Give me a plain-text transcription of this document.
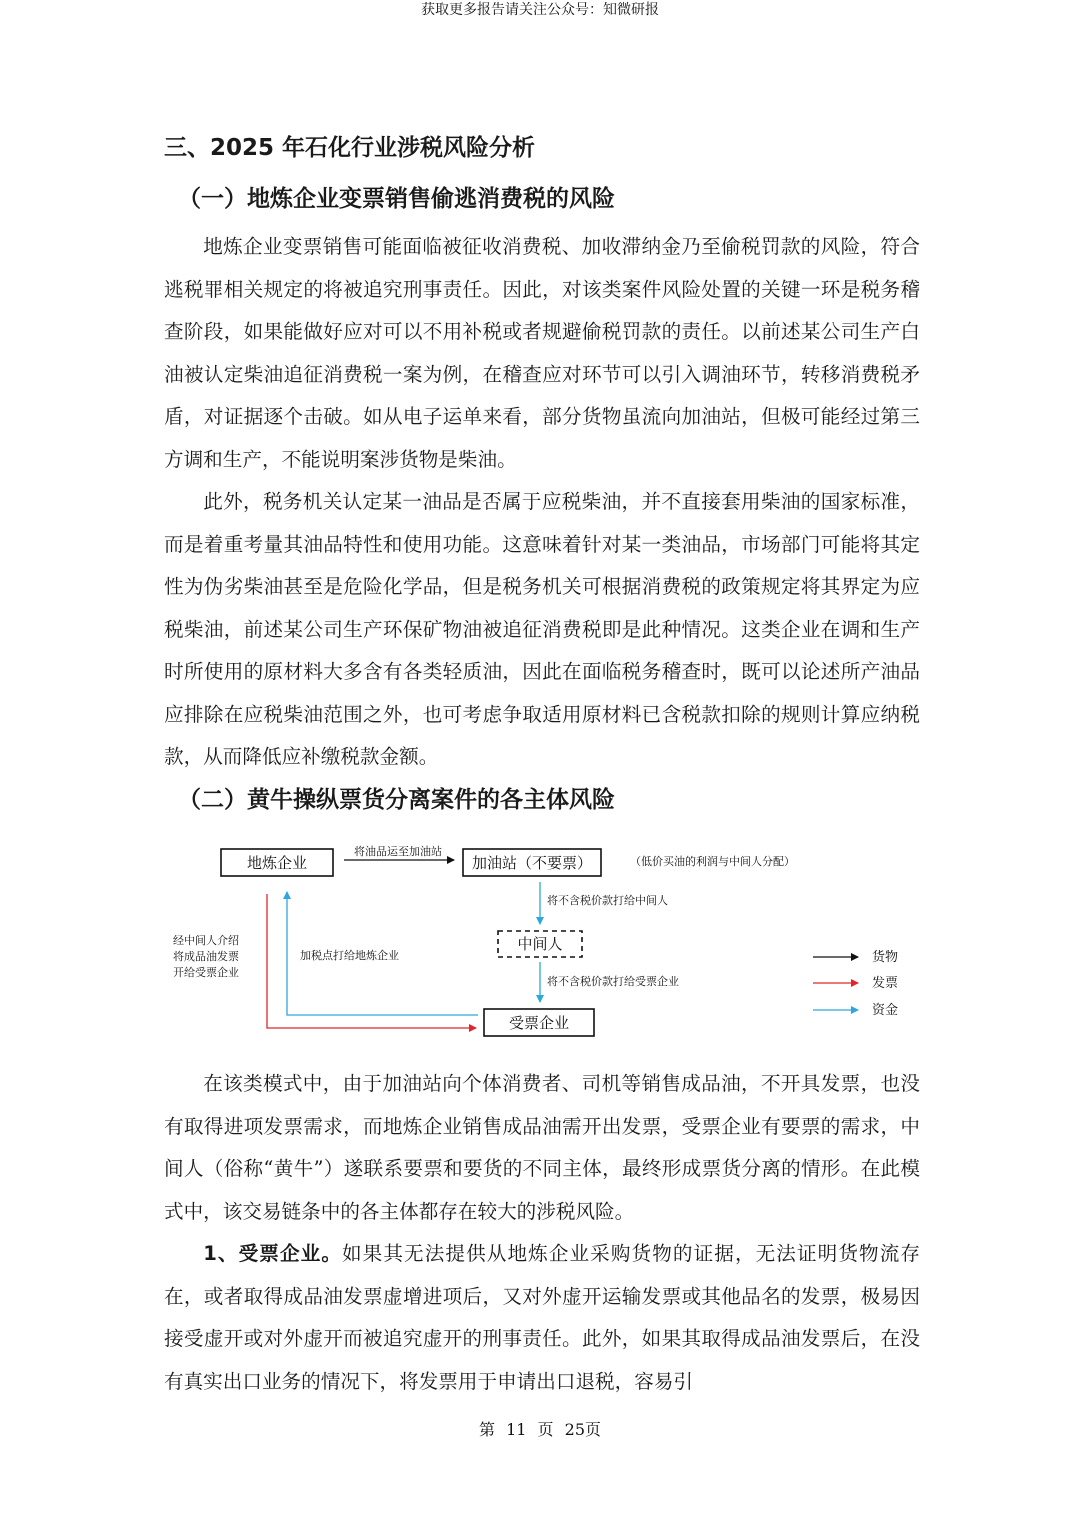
获取更多报告请关注公众号：知微研报
三、2025 年石化行业涉税风险分析
（一）地炼企业变票销售偷逃消费税的风险

地炼企业变票销售可能面临被征收消费税、加收滞纳金乃至偷税罚款的风险，符合逃税罪相关规定的将被追究刑事责任。因此，对该类案件风险处置的关键一环是税务稽查阶段，如果能做好应对可以不用补税或者规避偷税罚款的责任。以前述某公司生产白油被认定柴油追征消费税一案为例，在稽查应对环节可以引入调油环节，转移消费税矛盾，对证据逐个击破。如从电子运单来看，部分货物虽流向加油站，但极可能经过第三方调和生产，不能说明案涉货物是柴油。

此外，税务机关认定某一油品是否属于应税柴油，并不直接套用柴油的国家标准，而是着重考量其油品特性和使用功能。这意味着针对某一类油品，市场部门可能将其定性为伪劣柴油甚至是危险化学品，但是税务机关可根据消费税的政策规定将其界定为应税柴油，前述某公司生产环保矿物油被追征消费税即是此种情况。这类企业在调和生产时所使用的原材料大多含有各类轻质油，因此在面临税务稽查时，既可以论述所产油品应排除在应税柴油范围之外，也可考虑争取适用原材料已含税款扣除的规则计算应纳税款，从而降低应补缴税款金额。

（二）黄牛操纵票货分离案件的各主体风险

在该类模式中，由于加油站向个体消费者、司机等销售成品油，不开具发票，也没有取得进项发票需求，而地炼企业销售成品油需开出发票，受票企业有要票的需求，中间人（俗称“黄牛”）遂联系要票和要货的不同主体，最终形成票货分离的情形。在此模式中，该交易链条中的各主体都存在较大的涉税风险。

1、受票企业。如果其无法提供从地炼企业采购货物的证据，无法证明货物流存在，或者取得成品油发票虚增进项后，又对外虚开运输发票或其他品名的发票，极易因接受虚开或对外虚开而被追究虚开的刑事责任。此外，如果其取得成品油发票后，在没有真实出口业务的情况下，将发票用于申请出口退税，容易引

地炼企业	加油站（不要票）
中间人
受票企业
将油品运至加油站
（低价买油的利润与中间人分配）
将不含税价款打给中间人
将不含税价款打给受票企业
加税点打给地炼企业
经中间人介绍
将成品油发票
开给受票企业
货物
发票
资金
第 11 页 25页
